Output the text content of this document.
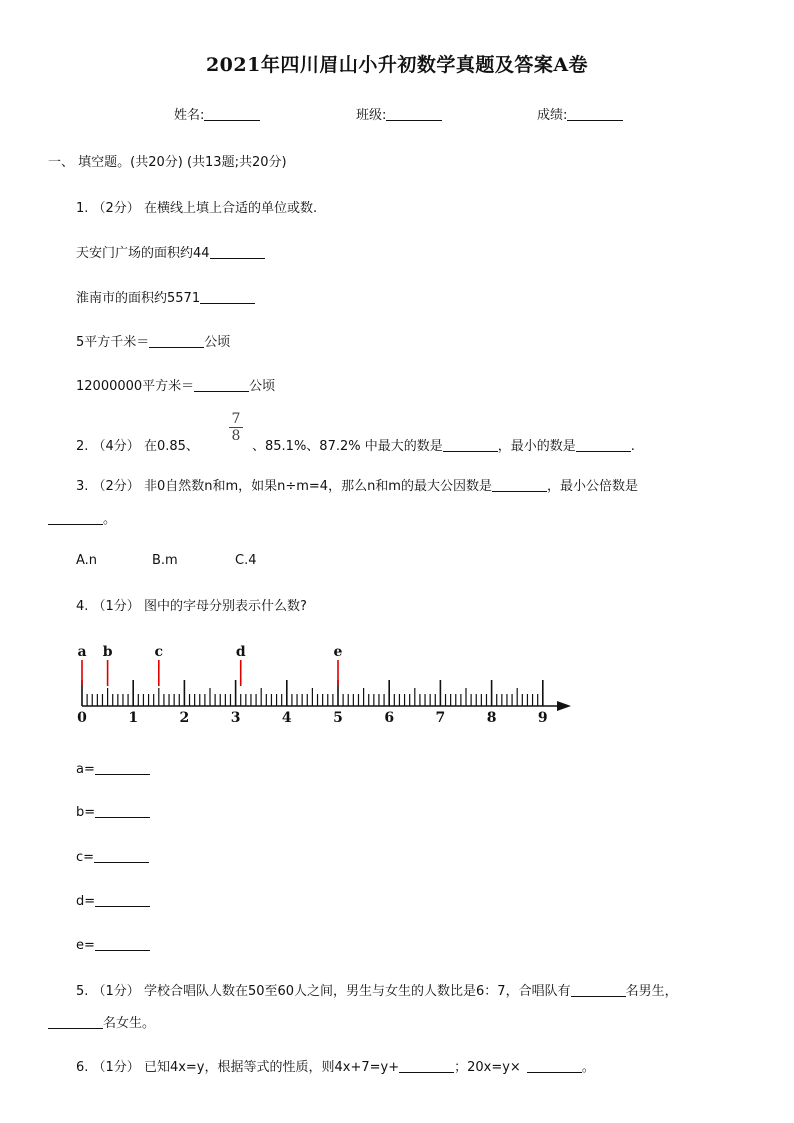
2021年四川眉山小升初数学真题及答案A卷
姓名:	班级:	成绩:
一、 填空题。(共20分) (共13题;共20分)
1. （2分） 在横线上填上合适的单位或数.
天安门广场的面积约44
淮南市的面积约5571
5平方千米＝	公顷
12000000平方米＝	公顷
2. （4分） 在0.85、
7
8
、85.1%、87.2% 中最大的数是	，最小的数是	.
3. （2分） 非0自然数n和m，如果n÷m=4，那么n和m的最大公因数是	，最小公倍数是
。
A.n	B.m	C.4
4. （1分） 图中的字母分别表示什么数?
0	1	2	3	4	5	6	7	8	9
a b	c	d	e
a=
b=
c=
d=
e=
5. （1分） 学校合唱队人数在50至60人之间，男生与女生的人数比是6：7，合唱队有	名男生，
名女生。
6. （1分） 已知4x=y，根据等式的性质，则4x+7=y+	；20x=y×	。
